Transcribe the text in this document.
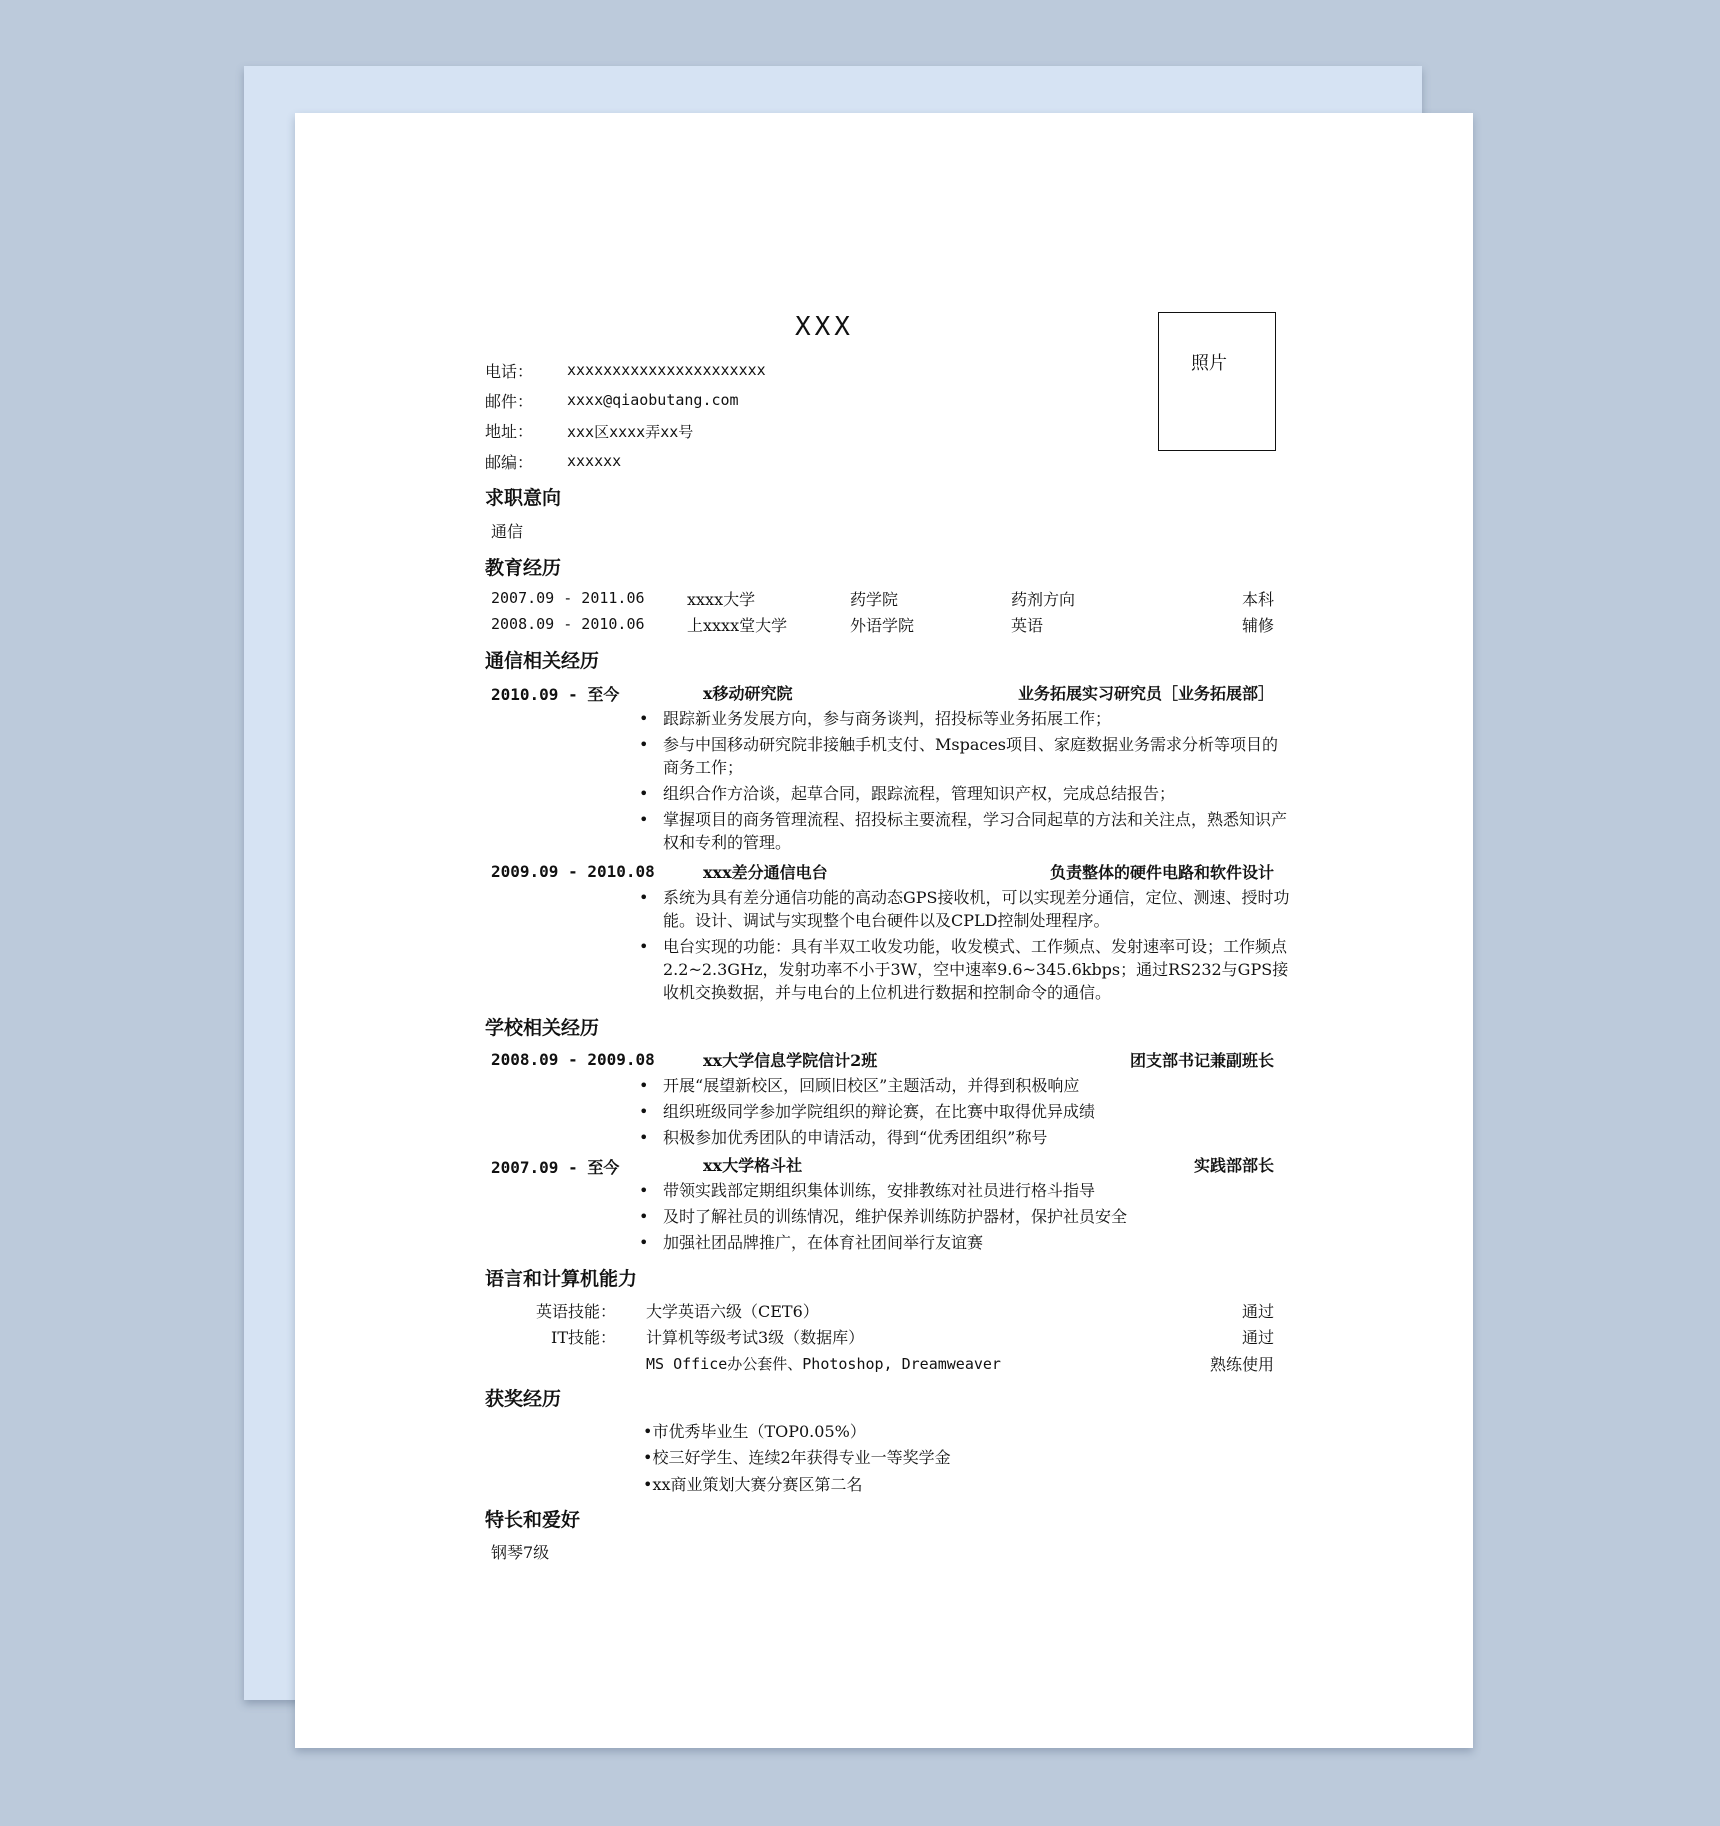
XXX
照片
电话： xxxxxxxxxxxxxxxxxxxxxx
邮件： xxxx@qiaobutang.com
地址： xxx区xxxx弄xx号
邮编： xxxxxx
求职意向
通信
教育经历
2007.09 - 2011.06	xxxx大学	药学院	药剂方向	本科
2008.09 - 2010.06	上xxxx堂大学	外语学院	英语	辅修
通信相关经历
2010.09 - 至今	x移动研究院	业务拓展实习研究员［业务拓展部］
• 跟踪新业务发展方向，参与商务谈判，招投标等业务拓展工作；
• 参与中国移动研究院非接触手机支付、Mspaces项目、家庭数据业务需求分析等项目的商务工作；
• 组织合作方洽谈，起草合同，跟踪流程，管理知识产权，完成总结报告；
• 掌握项目的商务管理流程、招投标主要流程，学习合同起草的方法和关注点，熟悉知识产权和专利的管理。
2009.09 - 2010.08	xxx差分通信电台	负责整体的硬件电路和软件设计
• 系统为具有差分通信功能的高动态GPS接收机，可以实现差分通信，定位、测速、授时功能。设计、调试与实现整个电台硬件以及CPLD控制处理程序。
• 电台实现的功能：具有半双工收发功能，收发模式、工作频点、发射速率可设；工作频点2.2~2.3GHz，发射功率不小于3W，空中速率9.6~345.6kbps；通过RS232与GPS接收机交换数据，并与电台的上位机进行数据和控制命令的通信。
学校相关经历
2008.09 - 2009.08	xx大学信息学院信计2班	团支部书记兼副班长
• 开展“展望新校区，回顾旧校区”主题活动，并得到积极响应
• 组织班级同学参加学院组织的辩论赛，在比赛中取得优异成绩
• 积极参加优秀团队的申请活动，得到“优秀团组织”称号
2007.09 - 至今	xx大学格斗社	实践部部长
• 带领实践部定期组织集体训练，安排教练对社员进行格斗指导
• 及时了解社员的训练情况，维护保养训练防护器材，保护社员安全
• 加强社团品牌推广，在体育社团间举行友谊赛
语言和计算机能力
英语技能： 大学英语六级（CET6）	通过
IT技能： 计算机等级考试3级（数据库）	通过
MS Office办公套件、Photoshop, Dreamweaver	熟练使用
获奖经历
•市优秀毕业生（TOP0.05%）
•校三好学生、连续2年获得专业一等奖学金
•xx商业策划大赛分赛区第二名
特长和爱好
钢琴7级
